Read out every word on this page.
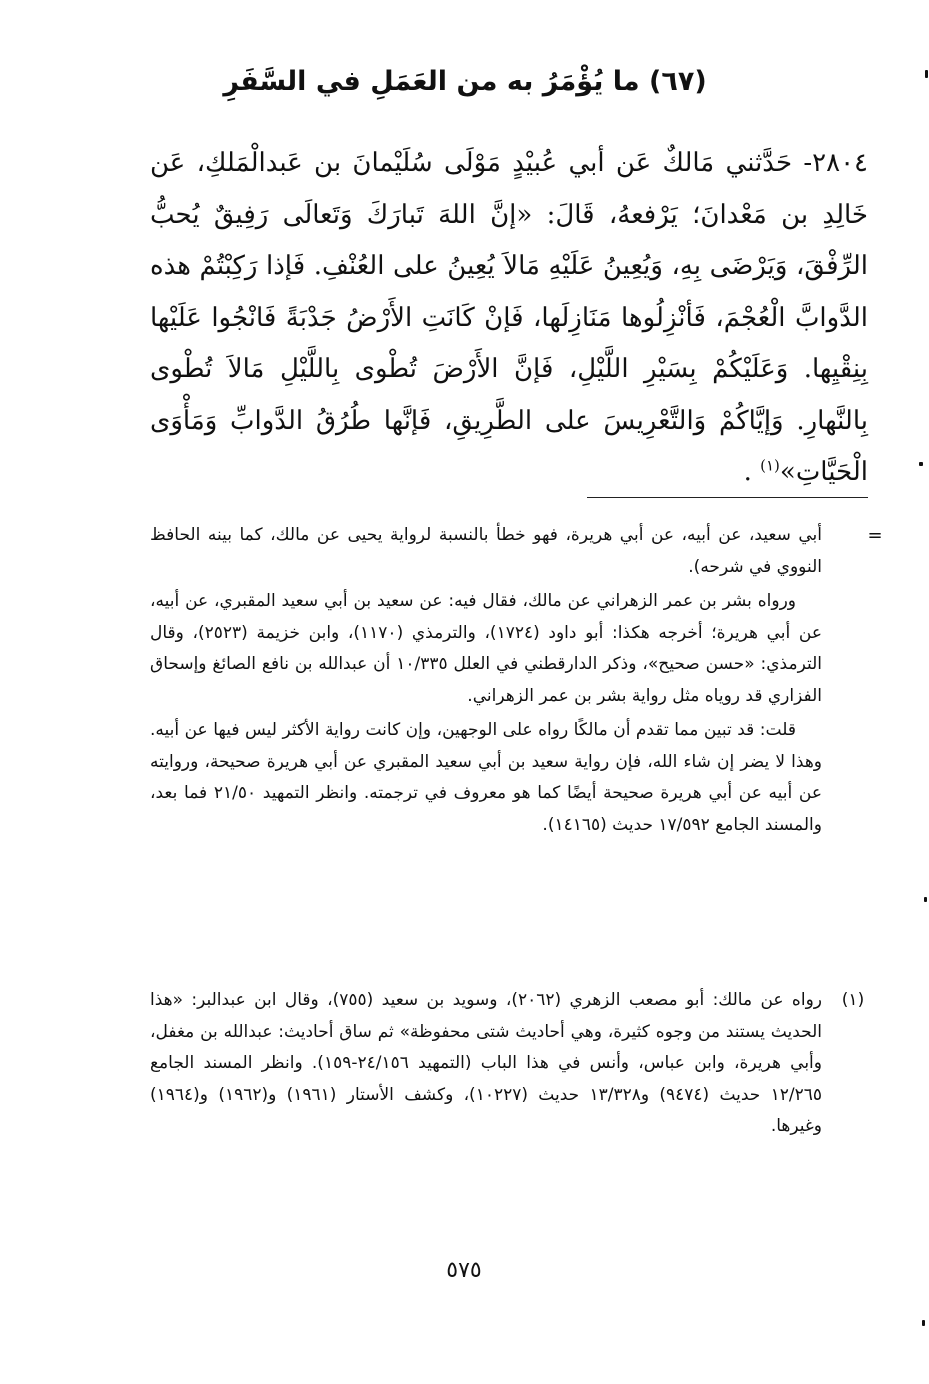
(٦٧) ما يُؤْمَرُ به من العَمَلِ في السَّفَرِ
٢٨٠٤- حَدَّثني مَالكٌ عَن أبي عُبيْدٍ مَوْلَى سُلَيْمانَ بن عَبدالْمَلكِ، عَن خَالِدِ بن مَعْدانَ؛ يَرْفعهُ، قَالَ: «إنَّ اللهَ تَبارَكَ وَتَعالَى رَفِيقٌ يُحبُّ الرِّفْقَ، وَيَرْضَى بِهِ، وَيُعِينُ عَلَيْهِ مَالاَ يُعِينُ على العُنْفِ. فَإذا رَكِبْتُمْ هذه الدَّوابَّ الْعُجْمَ، فَأنْزِلُوها مَنَازِلَها، فَإنْ كَانَتِ الأَرْضُ جَدْبَةً فَانْجُوا عَلَيْها بِنِقْيِها. وَعَلَيْكُمْ بِسَيْرِ اللَّيْلِ، فَإنَّ الأَرْضَ تُطْوى بِاللَّيْلِ مَالاَ تُطْوى بِالنَّهارِ. وَإيَّاكُمْ وَالتَّعْرِيسَ على الطَّرِيقِ، فَإنَّها طُرُقُ الدَّوابِّ وَمَأْوَى الْحَيَّاتِ»$^{(١)}$ .
=

أبي سعيد، عن أبيه، عن أبي هريرة، فهو خطأ بالنسبة لرواية يحيى عن مالك، كما بينه الحافظ النووي في شرحه).

ورواه بشر بن عمر الزهراني عن مالك، فقال فيه: عن سعيد بن أبي سعيد المقبري، عن أبيه، عن أبي هريرة؛ أخرجه هكذا: أبو داود (١٧٢٤)، والترمذي (١١٧٠)، وابن خزيمة (٢٥٢٣)، وقال الترمذي: «حسن صحيح»، وذكر الدارقطني في العلل ١٠/٣٣٥ أن عبدالله بن نافع الصائغ وإسحاق الفزاري قد روياه مثل رواية بشر بن عمر الزهراني.

قلت: قد تبين مما تقدم أن مالكًا رواه على الوجهين، وإن كانت رواية الأكثر ليس فيها عن أبيه. وهذا لا يضر إن شاء الله، فإن رواية سعيد بن أبي سعيد المقبري عن أبي هريرة صحيحة، وروايته عن أبيه عن أبي هريرة صحيحة أيضًا كما هو معروف في ترجمته. وانظر التمهيد ٢١/٥٠ فما بعد، والمسند الجامع ١٧/٥٩٢ حديث (١٤١٦٥).

(١)

رواه عن مالك: أبو مصعب الزهري (٢٠٦٢)، وسويد بن سعيد (٧٥٥)، وقال ابن عبدالبر: «هذا الحديث يستند من وجوه كثيرة، وهي أحاديث شتى محفوظة» ثم ساق أحاديث: عبدالله بن مغفل، وأبي هريرة، وابن عباس، وأنس في هذا الباب (التمهيد ٢٤/١٥٦-١٥٩). وانظر المسند الجامع ١٢/٢٦٥ حديث (٩٤٧٤) و١٣/٣٢٨ حديث (١٠٢٢٧)، وكشف الأستار (١٩٦١) و(١٩٦٢) و(١٩٦٤) وغيرها.

٥٧٥
